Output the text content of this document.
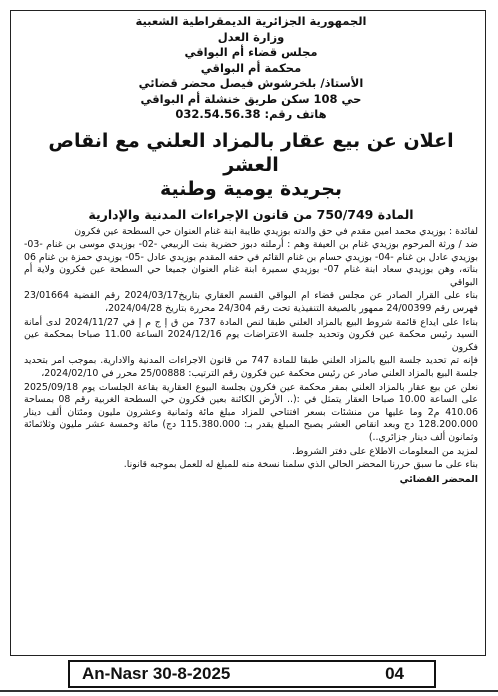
الجمهورية الجزائرية الديمقراطية الشعبية

وزارة العدل

مجلس قضاء أم البواقي

محكمة أم البواقي

الأستاذ/ بلخرشوش فيصل محضر قضائي

حي 108 سكن طريق خنشلة أم البواقي

هاتف رقم: 032.54.56.38

اعلان عن بيع عقار بالمزاد العلني مع انقاص العشر

بجريدة يومية وطنية

المادة 750/749 من قانون الإجراءات المدنية والإدارية

لفائدة : بوزيدي محمد امين مقدم في حق والدته بوزيدي طايبة ابنة غنام العنوان حي السطحة عين فكرون

ضد / ورثة المرحوم بوزيدي غنام بن العيفة وهم : أرملته دبوز حضرية بنت الربيعي -02- بوزيدي موسى بن غنام -03- بوزيدي عادل بن غنام -04- بوزيدي حسام بن غنام القائم في حقه المقدم بوزيدي عادل -05- بوزيدي حمزة بن غنام 06 بناته، وهن بوزيدي سعاد ابنة غنام 07- بوزيدي سميرة ابنة غنام العنوان جميعا حي السطحة عين فكرون ولاية أم البواقي

بناء على القرار الصادر عن مجلس قضاء ام البواقي القسم العقاري بتاريخ2024/03/17 رقم القضية 23/01664 فهرس رقم 24/00399 ممهور بالصيغة التنفيذية تحت رقم 24/304 محررة بتاريخ 2024/04/28،

بناءا على ايداع قائمة شروط البيع بالمزاد العلني طبقا لنص المادة 737 من ق إ ج م إ في 2024/11/27 لدى أمانة السيد رئيس محكمة عين فكرون وتحديد جلسة الاعتراضات يوم 2024/12/16 الساعة 11.00 صباحا بمحكمة عين فكرون

فإنه تم تحديد جلسة البيع بالمزاد العلني طبقا للمادة 747 من قانون الاجراءات المدنية والادارية. بموجب امر بتحديد جلسة البيع بالمزاد العلني صادر عن رئيس محكمة عين فكرون رقم الترتيب: 25/00888 محرر في 2024/02/10،

نعلن عن بيع عقار بالمزاد العلني بمقر محكمة عين فكرون بجلسة البيوع العقارية بقاعة الجلسات يوم 2025/09/18 على الساعة 10.00 صباحا العقار يتمثل في :(.. الأرض الكائنة بعين فكرون حي السطحة الغربية رقم 08 بمساحة 410.06 م2 وما عليها من منشئات بسعر افتتاحي للمزاد مبلغ مائة وثمانية وعشرون مليون ومئتان ألف دينار 128.200.000 دج وبعد انقاص العشر يصبح المبلغ يقدر بـ: 115.380.000 دج) مائة وخمسة عشر مليون وثلاثمائة وثمانون ألف دينار جزائري..)

لمزيد من المعلومات الاطلاع على دفتر الشروط.

بناء على ما سبق حررنا المحضر الحالي الذي سلمنا نسخة منه للمبلغ له للعمل بموجبه قانونا.

المحضر القضائي

An-Nasr 30-8-2025	04
